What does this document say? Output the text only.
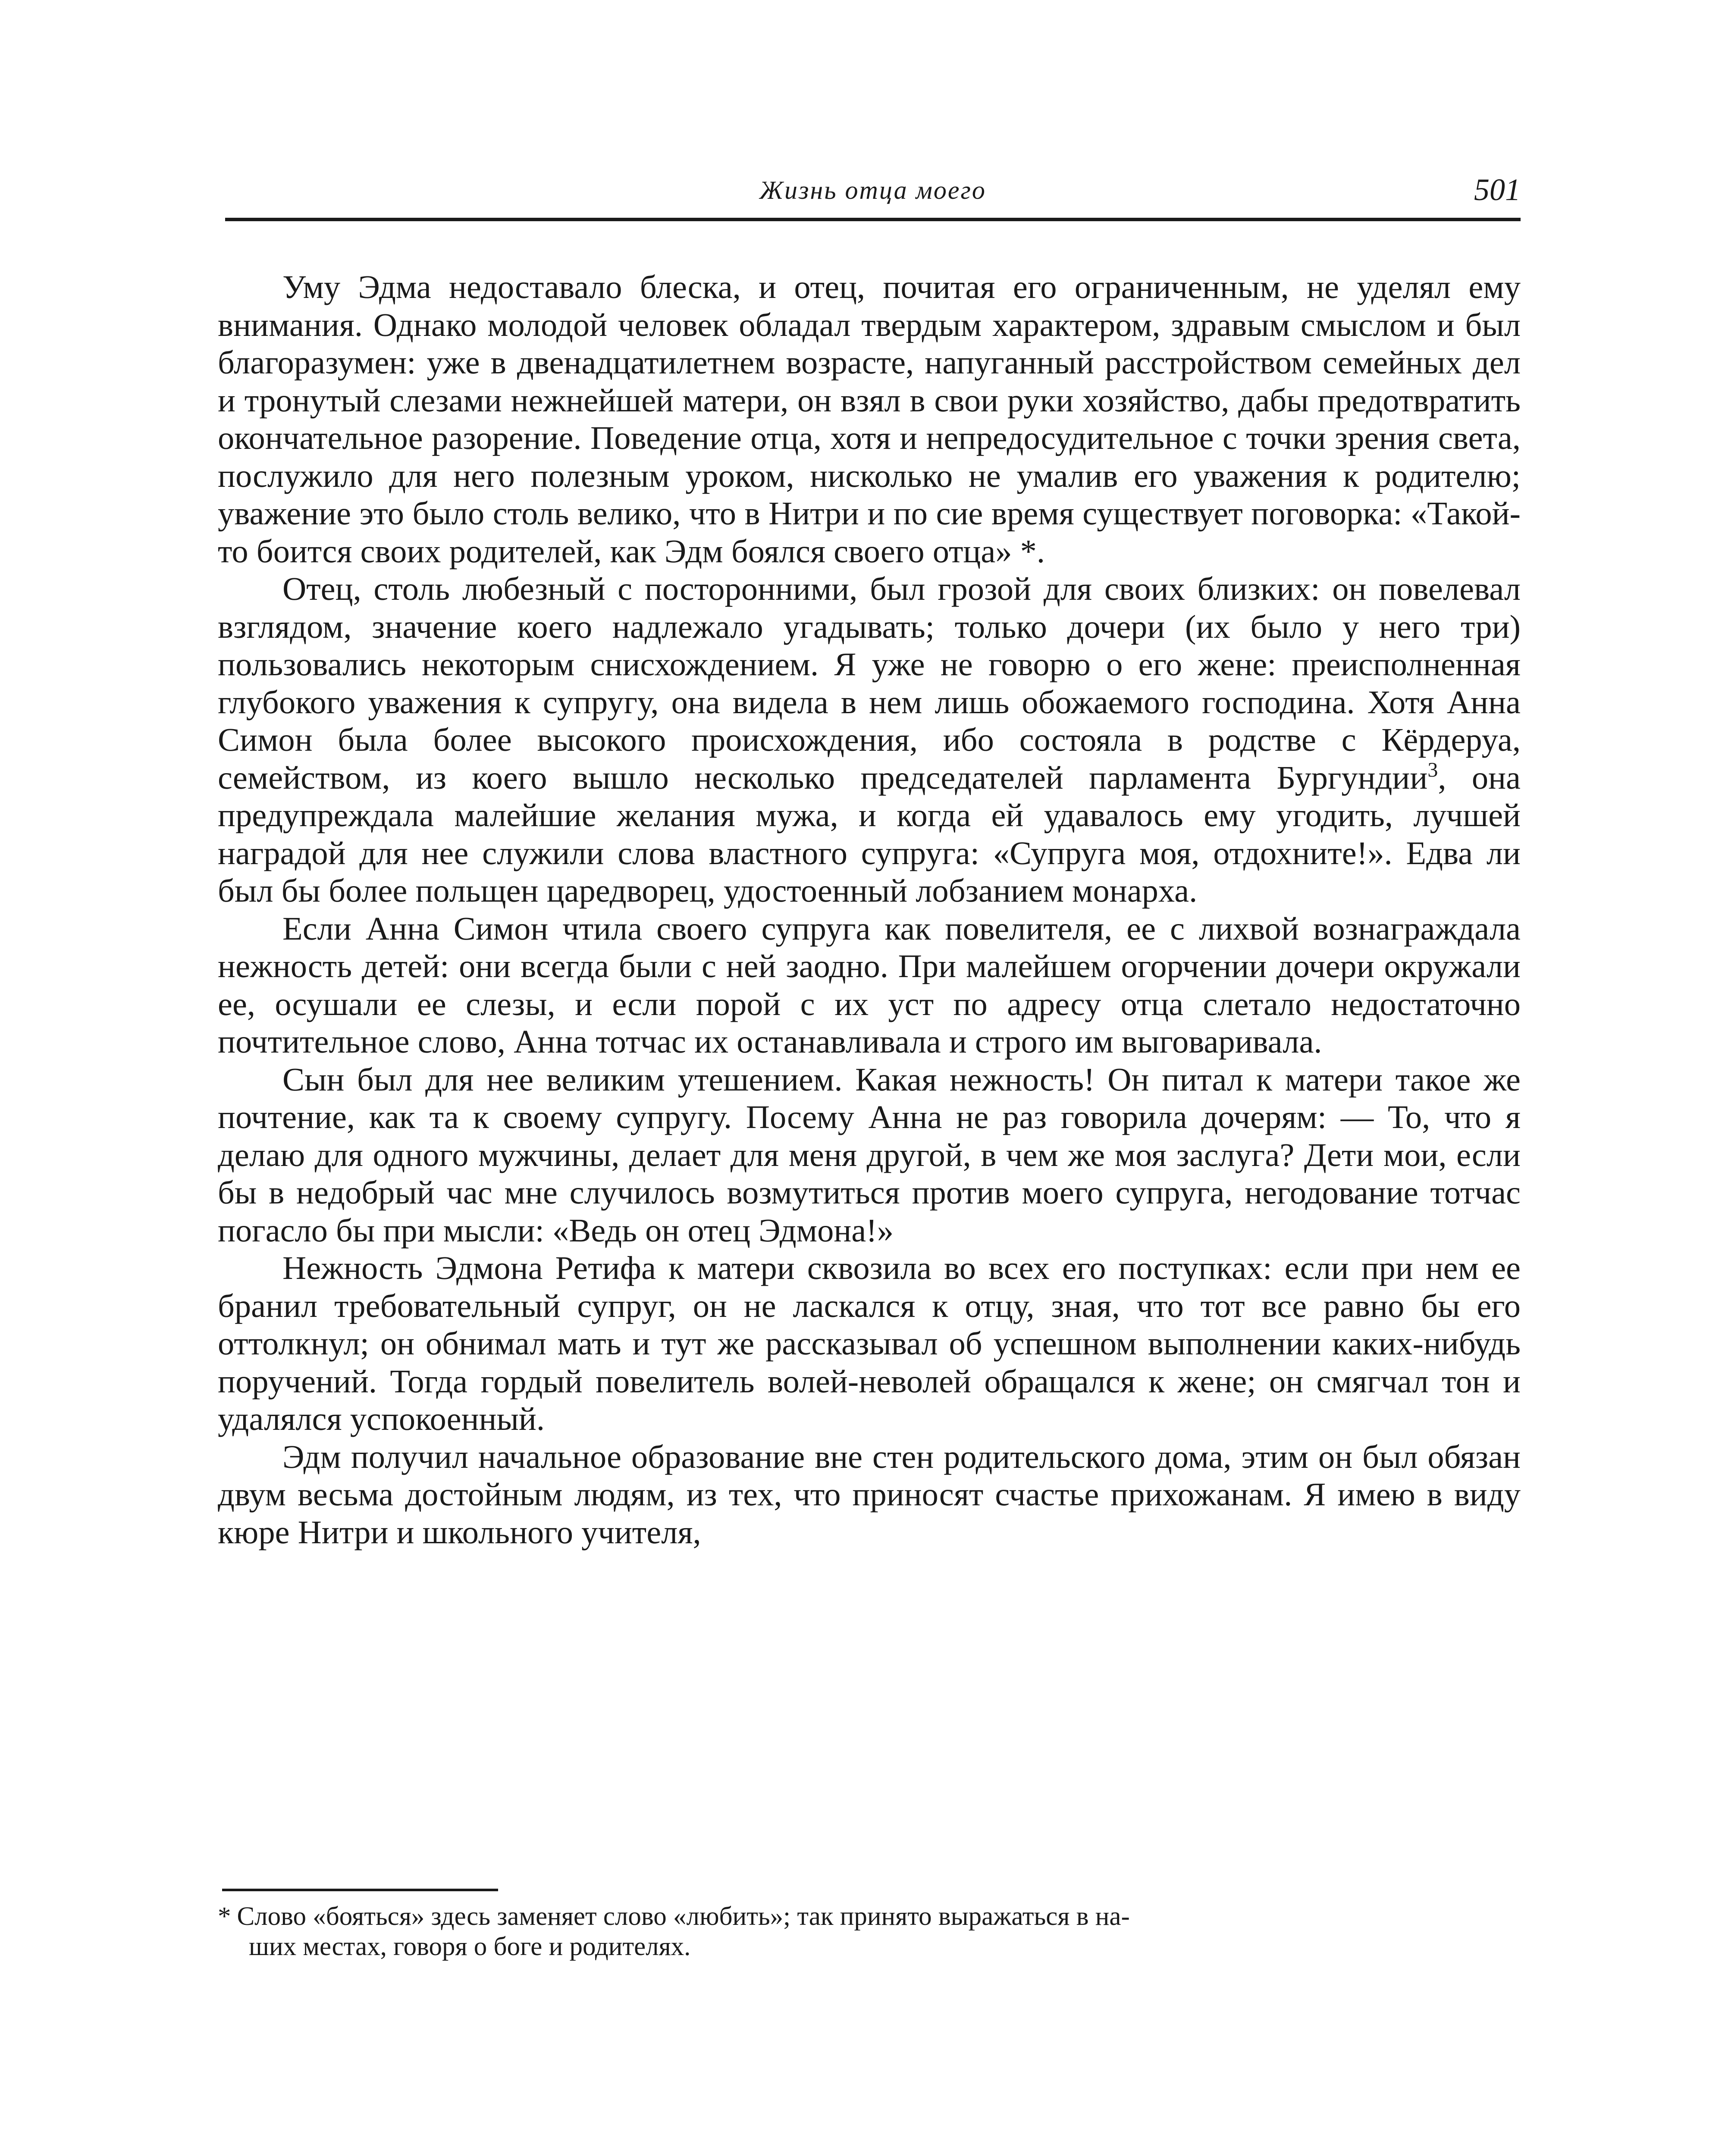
Жизнь отца моего	501

Уму Эдма недоставало блеска, и отец, почитая его ограниченным, не уделял ему внимания. Однако молодой человек обладал твердым характером, здравым смыслом и был благоразумен: уже в двенадцатилетнем возрасте, напуганный расстройством семейных дел и тронутый слезами нежнейшей матери, он взял в свои руки хозяйство, дабы предотвратить окончательное разорение. Поведение отца, хотя и непредосудительное с точки зрения света, послужило для него полезным уроком, нисколько не умалив его уважения к родителю; уважение это было столь велико, что в Нитри и по сие время существует поговорка: «Такой-то боится своих родителей, как Эдм боялся своего отца» *.

Отец, столь любезный с посторонними, был грозой для своих близких: он повелевал взглядом, значение коего надлежало угадывать; только дочери (их было у него три) пользовались некоторым снисхождением. Я уже не говорю о его жене: преисполненная глубокого уважения к супругу, она видела в нем лишь обожаемого господина. Хотя Анна Симон была более высокого происхождения, ибо состояла в родстве с Кёрдеруа, семейством, из коего вышло несколько председателей парламента Бургундии$^3$, она предупреждала малейшие желания мужа, и когда ей удавалось ему угодить, лучшей наградой для нее служили слова властного супруга: «Супруга моя, отдохните!». Едва ли был бы более польщен царедворец, удостоенный лобзанием монарха.

Если Анна Симон чтила своего супруга как повелителя, ее с лихвой вознаграждала нежность детей: они всегда были с ней заодно. При малейшем огорчении дочери окружали ее, осушали ее слезы, и если порой с их уст по адресу отца слетало недостаточно почтительное слово, Анна тотчас их останавливала и строго им выговаривала.

Сын был для нее великим утешением. Какая нежность! Он питал к матери такое же почтение, как та к своему супругу. Посему Анна не раз говорила дочерям: — То, что я делаю для одного мужчины, делает для меня другой, в чем же моя заслуга? Дети мои, если бы в недобрый час мне случилось возмутиться против моего супруга, негодование тотчас погасло бы при мысли: «Ведь он отец Эдмона!»

Нежность Эдмона Ретифа к матери сквозила во всех его поступках: если при нем ее бранил требовательный супруг, он не ласкался к отцу, зная, что тот все равно бы его оттолкнул; он обнимал мать и тут же рассказывал об успешном выполнении каких-нибудь поручений. Тогда гордый повелитель волей-неволей обращался к жене; он смягчал тон и удалялся успокоенный.

Эдм получил начальное образование вне стен родительского дома, этим он был обязан двум весьма достойным людям, из тех, что приносят счастье прихожанам. Я имею в виду кюре Нитри и школьного учителя,

* Слово «бояться» здесь заменяет слово «любить»; так принято выражаться в на-
ших местах, говоря о боге и родителях.
